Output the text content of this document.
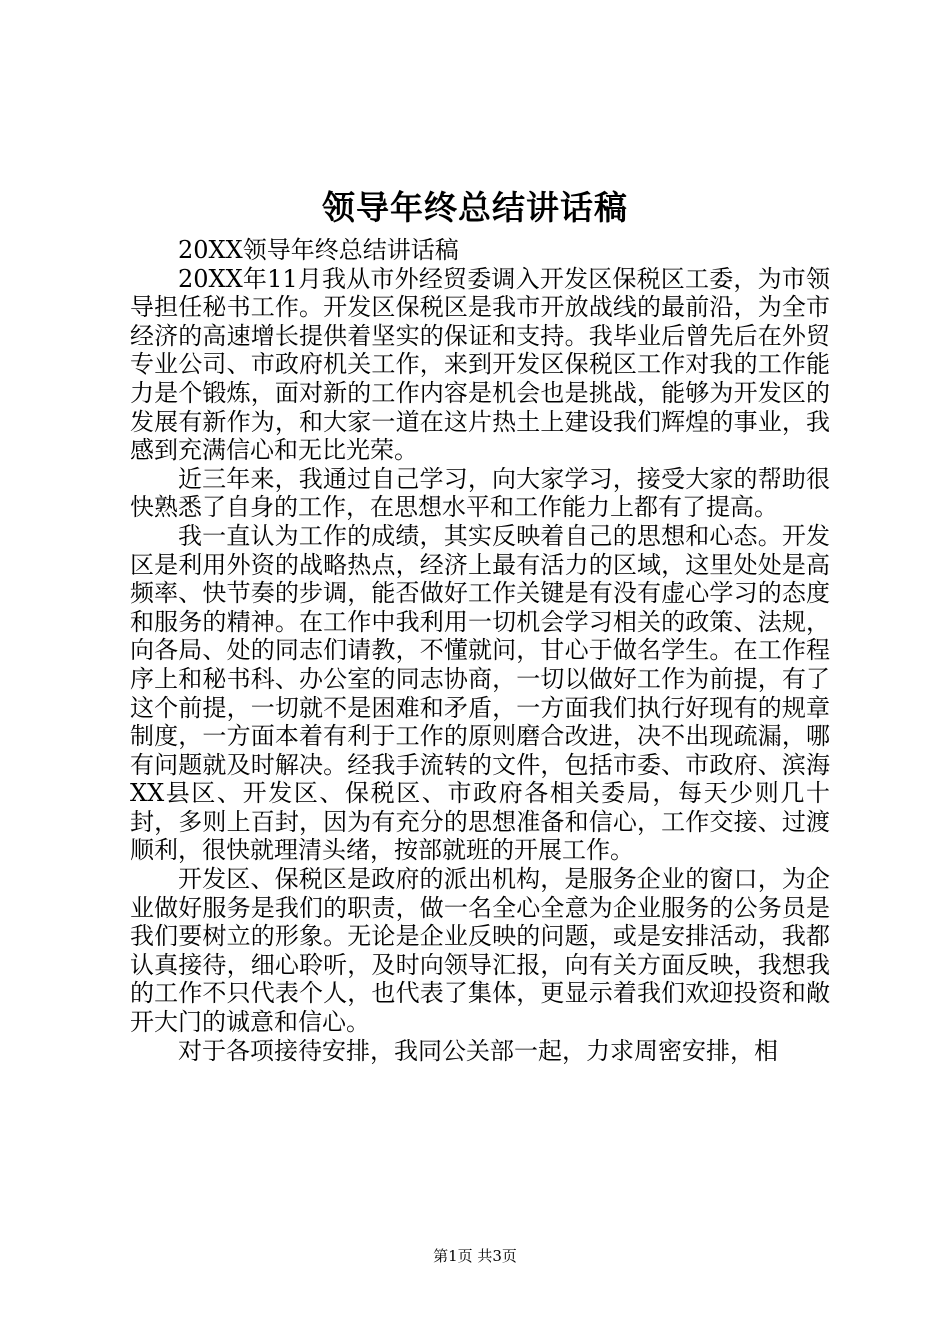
领导年终总结讲话稿

20XX领导年终总结讲话稿

20XX年11月我从市外经贸委调入开发区保税区工委，为市领导担任秘书工作。开发区保税区是我市开放战线的最前沿，为全市经济的高速增长提供着坚实的保证和支持。我毕业后曾先后在外贸专业公司、市政府机关工作，来到开发区保税区工作对我的工作能力是个锻炼，面对新的工作内容是机会也是挑战，能够为开发区的发展有新作为，和大家一道在这片热土上建设我们辉煌的事业，我感到充满信心和无比光荣。

近三年来，我通过自己学习，向大家学习，接受大家的帮助很快熟悉了自身的工作，在思想水平和工作能力上都有了提高。

我一直认为工作的成绩，其实反映着自己的思想和心态。开发区是利用外资的战略热点，经济上最有活力的区域，这里处处是高频率、快节奏的步调，能否做好工作关键是有没有虚心学习的态度和服务的精神。在工作中我利用一切机会学习相关的政策、法规，向各局、处的同志们请教，不懂就问，甘心于做名学生。在工作程序上和秘书科、办公室的同志协商，一切以做好工作为前提，有了这个前提，一切就不是困难和矛盾，一方面我们执行好现有的规章制度，一方面本着有利于工作的原则磨合改进，决不出现疏漏，哪有问题就及时解决。经我手流转的文件，包括市委、市政府、滨海XX县区、开发区、保税区、市政府各相关委局，每天少则几十封，多则上百封，因为有充分的思想准备和信心，工作交接、过渡顺利，很快就理清头绪，按部就班的开展工作。

开发区、保税区是政府的派出机构，是服务企业的窗口，为企业做好服务是我们的职责，做一名全心全意为企业服务的公务员是我们要树立的形象。无论是企业反映的问题，或是安排活动，我都认真接待，细心聆听，及时向领导汇报，向有关方面反映，我想我的工作不只代表个人，也代表了集体，更显示着我们欢迎投资和敞开大门的诚意和信心。

对于各项接待安排，我同公关部一起，力求周密安排，相

第1页 共3页
